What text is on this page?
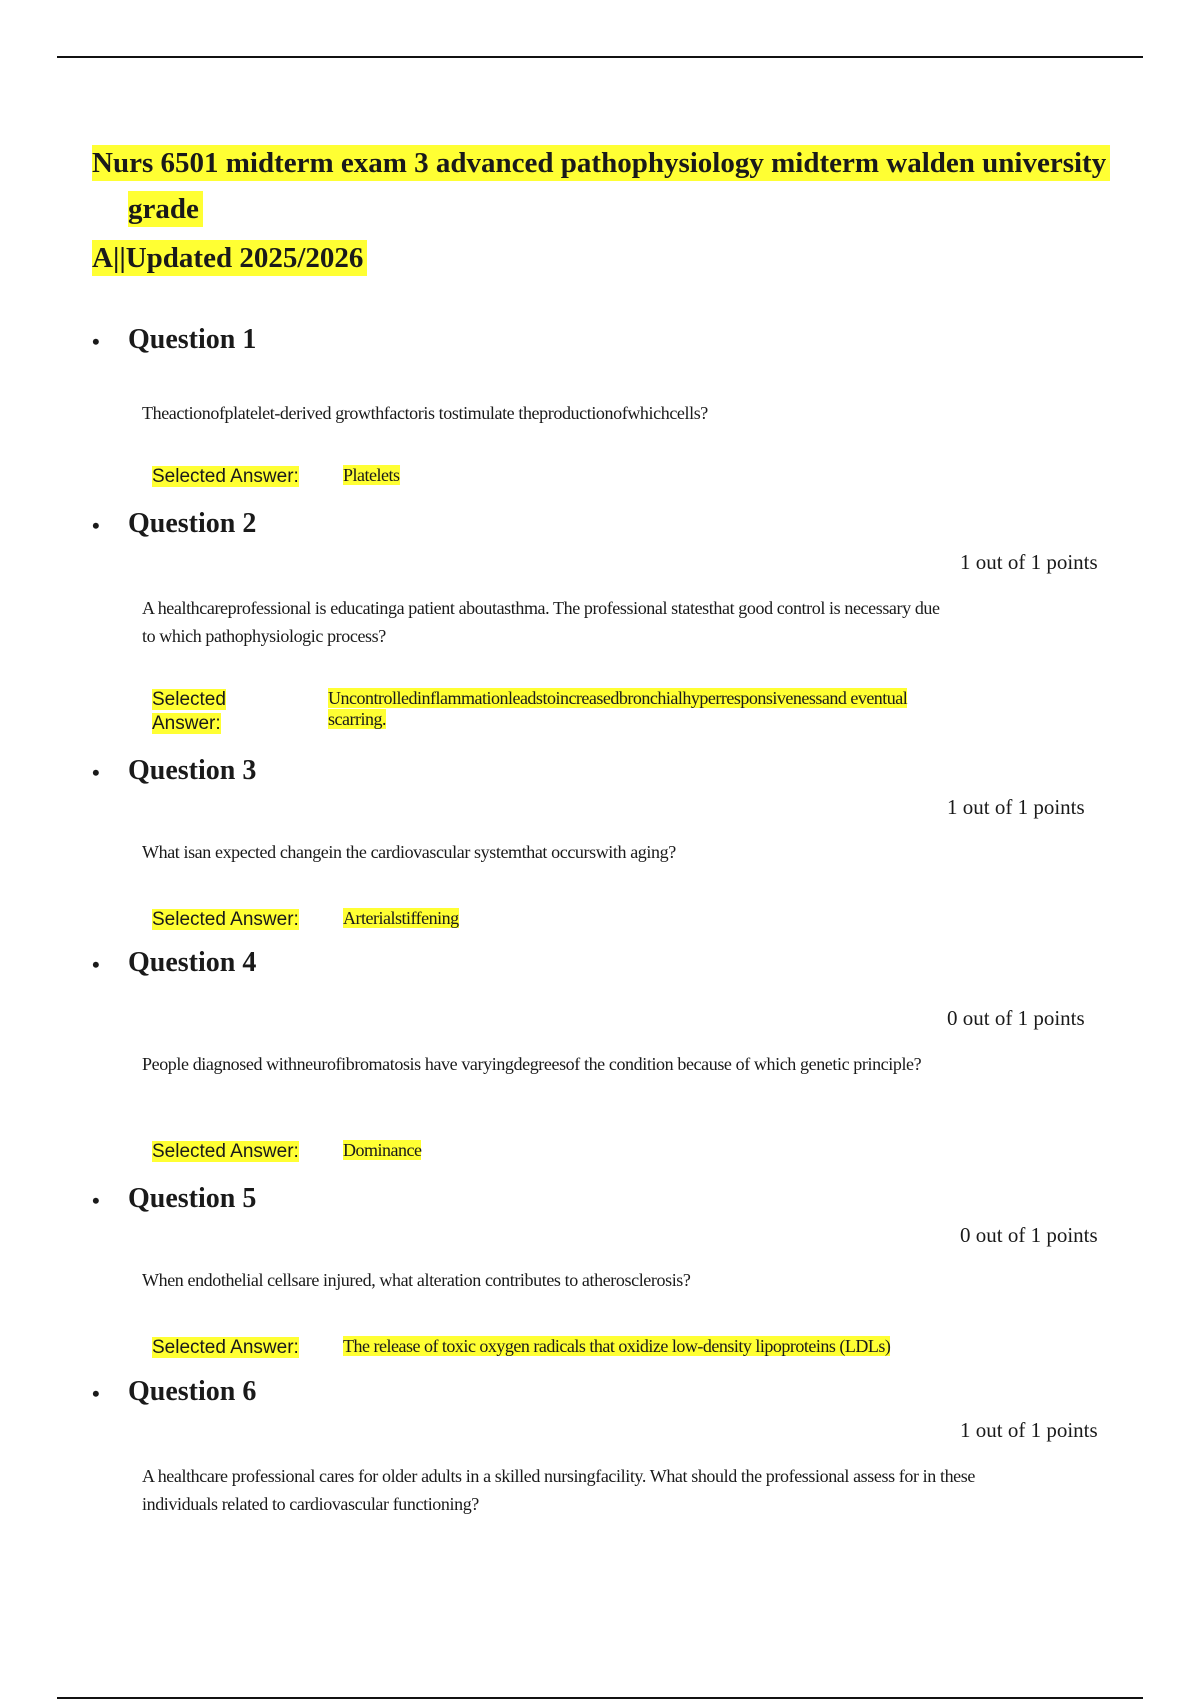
Nurs 6501 midterm exam 3 advanced pathophysiology midterm walden university
grade
A||Updated 2025/2026
• Question 1
Theactionofplatelet-derived growthfactoris tostimulate theproductionofwhichcells?
Selected Answer: Platelets
• Question 2
1 out of 1 points
A healthcareprofessional is educatinga patient aboutasthma. The professional statesthat good control is necessary due to which pathophysiologic process?
Selected Answer:
Uncontrolledinflammationleadstoincreasedbronchialhyperresponsivenessand eventual scarring.
• Question 3
1 out of 1 points
What isan expected changein the cardiovascular systemthat occurswith aging?
Selected Answer: Arterialstiffening
• Question 4
0 out of 1 points
People diagnosed withneurofibromatosis have varyingdegreesof the condition because of which genetic principle?
Selected Answer: Dominance
• Question 5
0 out of 1 points
When endothelial cellsare injured, what alteration contributes to atherosclerosis?
Selected Answer: The release of toxic oxygen radicals that oxidize low-density lipoproteins (LDLs)
• Question 6
1 out of 1 points
A healthcare professional cares for older adults in a skilled nursingfacility. What should the professional assess for in these individuals related to cardiovascular functioning?
